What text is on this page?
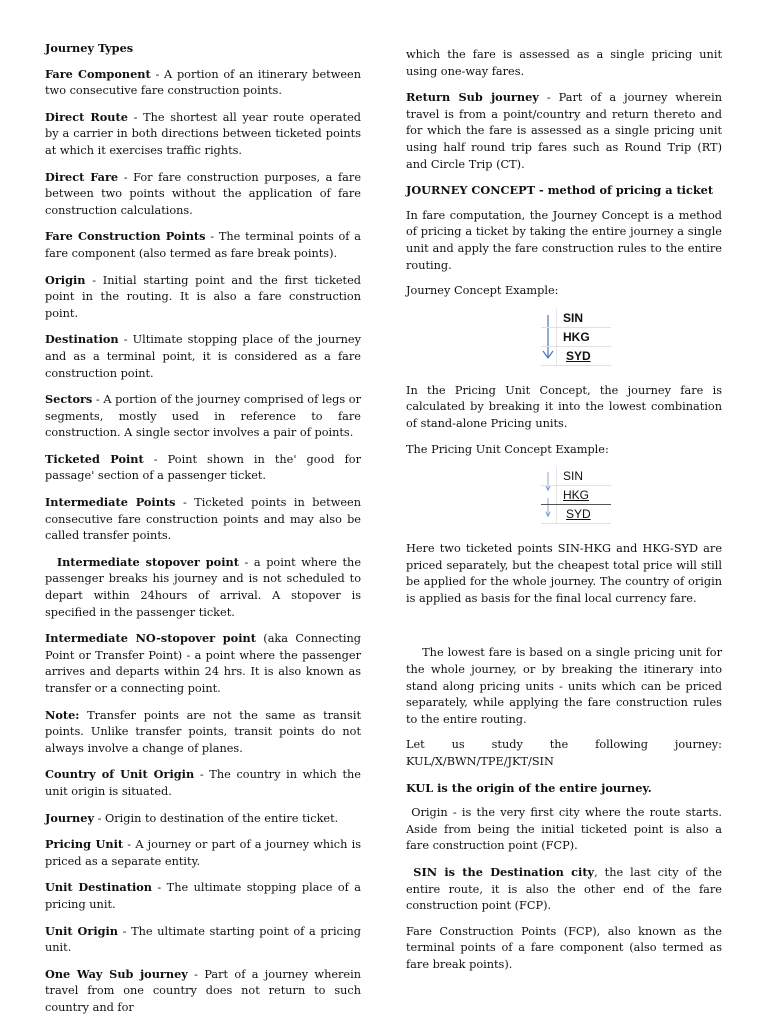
Journey Types

Fare Component - A portion of an itinerary between two consecutive fare construction points.

Direct Route - The shortest all year route operated by a carrier in both directions between ticketed points at which it exercises traffic rights.

Direct Fare - For fare construction purposes, a fare between two points without the application of fare construction calculations.

Fare Construction Points - The terminal points of a fare component (also termed as fare break points).

Origin - Initial starting point and the first ticketed point in the routing. It is also a fare construction point.

Destination - Ultimate stopping place of the journey and as a terminal point, it is considered as a fare construction point.

Sectors - A portion of the journey comprised of legs or segments, mostly used in reference to fare construction. A single sector involves a pair of points.

Ticketed Point - Point shown in the' good for passage' section of a passenger ticket.

Intermediate Points - Ticketed points in between consecutive fare construction points and may also be called transfer points.

Intermediate stopover point - a point where the passenger breaks his journey and is not scheduled to depart within 24hours of arrival. A stopover is specified in the passenger ticket.

Intermediate NO-stopover point (aka Connecting Point or Transfer Point) - a point where the passenger arrives and departs within 24 hrs. It is also known as transfer or a connecting point.

Note: Transfer points are not the same as transit points. Unlike transfer points, transit points do not always involve a change of planes.

Country of Unit Origin - The country in which the unit origin is situated.

Journey - Origin to destination of the entire ticket.

Pricing Unit - A journey or part of a journey which is priced as a separate entity.

Unit Destination - The ultimate stopping place of a pricing unit.

Unit Origin - The ultimate starting point of a pricing unit.

One Way Sub journey - Part of a journey wherein travel from one country does not return to such country and for

which the fare is assessed as a single pricing unit using one-way fares.

Return Sub journey - Part of a journey wherein travel is from a point/country and return thereto and for which the fare is assessed as a single pricing unit using half round trip fares such as Round Trip (RT) and Circle Trip (CT).

JOURNEY CONCEPT - method of pricing a ticket

In fare computation, the Journey Concept is a method of pricing a ticket by taking the entire journey a single unit and apply the fare construction rules to the entire routing.

Journey Concept Example:

SIN
HKG
SYD

In the Pricing Unit Concept, the journey fare is calculated by breaking it into the lowest combination of stand-alone Pricing units.

The Pricing Unit Concept Example:

SIN
HKG
SYD

Here two ticketed points SIN-HKG and HKG-SYD are priced separately, but the cheapest total price will still be applied for the whole journey. The country of origin is applied as basis for the final local currency fare.

The lowest fare is based on a single pricing unit for the whole journey, or by breaking the itinerary into stand along pricing units - units which can be priced separately, while applying the fare construction rules to the entire routing.

Let us study the following journey: KUL/X/BWN/TPE/JKT/SIN

KUL is the origin of the entire journey.

Origin - is the very first city where the route starts. Aside from being the initial ticketed point is also a fare construction point (FCP).

SIN is the Destination city, the last city of the entire route, it is also the other end of the fare construction point (FCP).

Fare Construction Points (FCP), also known as the terminal points of a fare component (also termed as fare break points).
